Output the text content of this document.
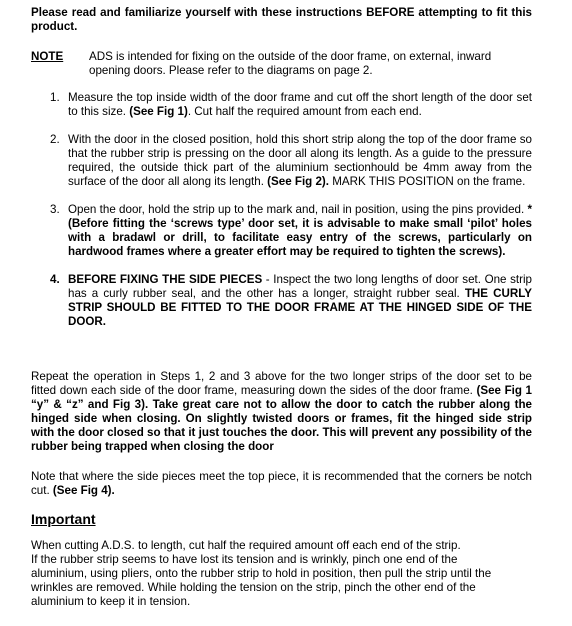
Please read and familiarize yourself with these instructions BEFORE attempting to fit this product.
NOTE ADS is intended for fixing on the outside of the door frame, on external, inward opening doors. Please refer to the diagrams on page 2.
1. Measure the top inside width of the door frame and cut off the short length of the door set to this size. (See Fig 1). Cut half the required amount from each end.
2. With the door in the closed position, hold this short strip along the top of the door frame so that the rubber strip is pressing on the door all along its length. As a guide to the pressure required, the outside thick part of the aluminium sectionhould be 4mm away from the surface of the door all along its length. (See Fig 2). MARK THIS POSITION on the frame.
3. Open the door, hold the strip up to the mark and, nail in position, using the pins provided. *(Before fitting the ‘screws type’ door set, it is advisable to make small ‘pilot’ holes with a bradawl or drill, to facilitate easy entry of the screws, particularly on hardwood frames where a greater effort may be required to tighten the screws).
4. BEFORE FIXING THE SIDE PIECES - Inspect the two long lengths of door set. One strip has a curly rubber seal, and the other has a longer, straight rubber seal. THE CURLY STRIP SHOULD BE FITTED TO THE DOOR FRAME AT THE HINGED SIDE OF THE DOOR.
Repeat the operation in Steps 1, 2 and 3 above for the two longer strips of the door set to be fitted down each side of the door frame, measuring down the sides of the door frame. (See Fig 1 “y” & “z” and Fig 3). Take great care not to allow the door to catch the rubber along the hinged side when closing. On slightly twisted doors or frames, fit the hinged side strip with the door closed so that it just touches the door. This will prevent any possibility of the rubber being trapped when closing the door
Note that where the side pieces meet the top piece, it is recommended that the corners be notch cut. (See Fig 4).
Important
When cutting A.D.S. to length, cut half the required amount off each end of the strip.
If the rubber strip seems to have lost its tension and is wrinkly, pinch one end of the
aluminium, using pliers, onto the rubber strip to hold in position, then pull the strip until the
wrinkles are removed. While holding the tension on the strip, pinch the other end of the
aluminium to keep it in tension.
